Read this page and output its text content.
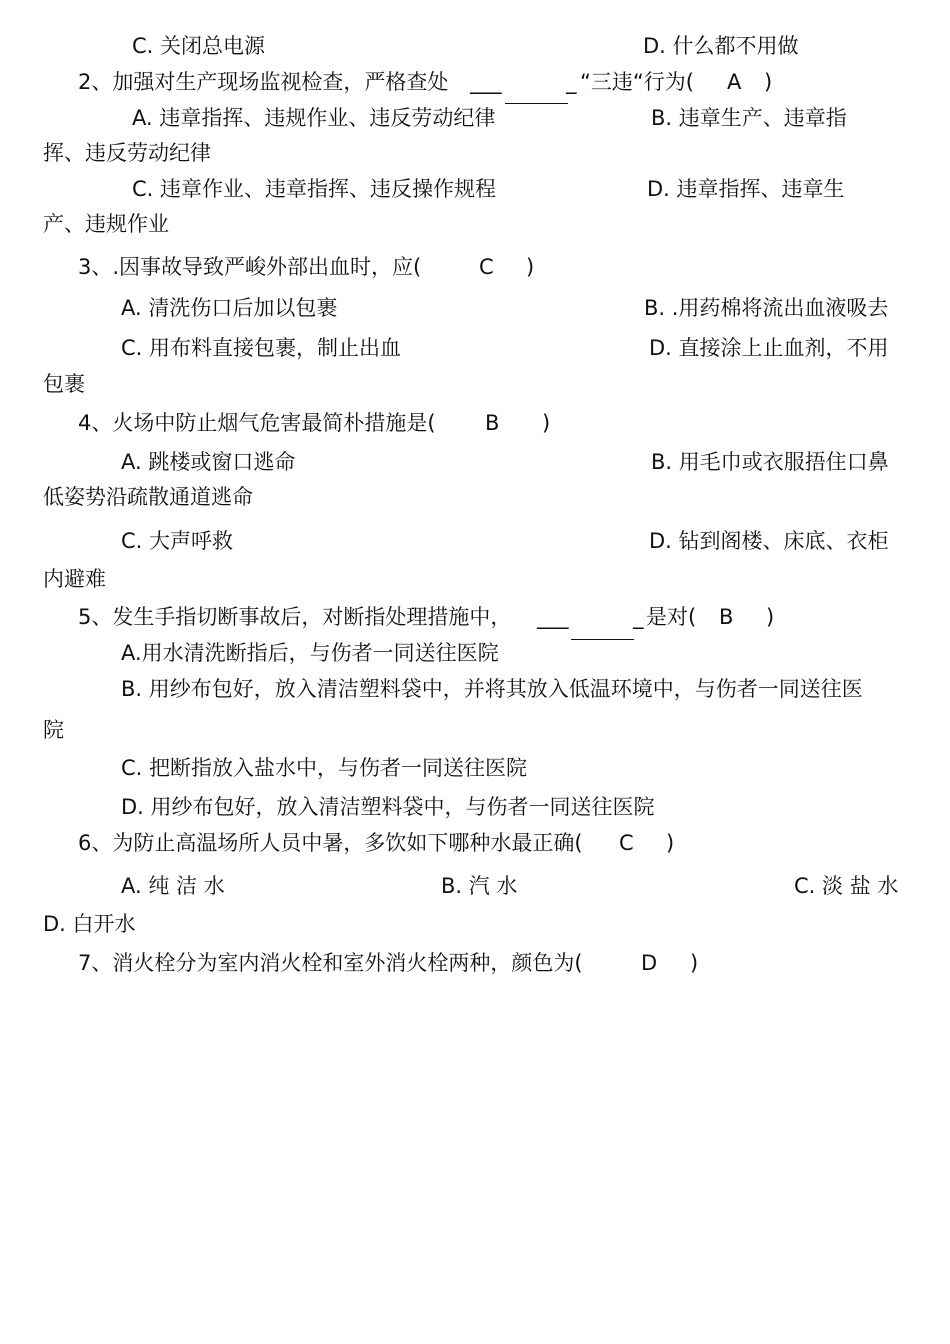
C. 关闭总电源	D. 什么都不用做
2、加强对生产现场监视检查，严格查处 ___	_ “三违“行为( A )
A. 违章指挥、违规作业、违反劳动纪律	B. 违章生产、违章指
挥、违反劳动纪律
C. 违章作业、违章指挥、违反操作规程	D. 违章指挥、违章生
产、违规作业
3、.因事故导致严峻外部出血时，应(	C )
A. 清洗伤口后加以包裹	B. .用药棉将流出血液吸去
C. 用布料直接包裹，制止出血	D. 直接涂上止血剂，不用
包裹
4、火场中防止烟气危害最简朴措施是( B )
A. 跳楼或窗口逃命	B. 用毛巾或衣服捂住口鼻
低姿势沿疏散通道逃命
C. 大声呼救	D. 钻到阁楼、床底、衣柜
内避难
5、发生手指切断事故后，对断指处理措施中， ___	_ 是对( B )
A.用水清洗断指后，与伤者一同送往医院
B. 用纱布包好，放入清洁塑料袋中，并将其放入低温环境中，与伤者一同送往医
院
C. 把断指放入盐水中，与伤者一同送往医院
D. 用纱布包好，放入清洁塑料袋中，与伤者一同送往医院
6、为防止高温场所人员中暑，多饮如下哪种水最正确( C )
A. 纯 洁 水	B. 汽 水	C. 淡 盐 水
D. 白开水
7、消火栓分为室内消火栓和室外消火栓两种，颜色为(	D )
